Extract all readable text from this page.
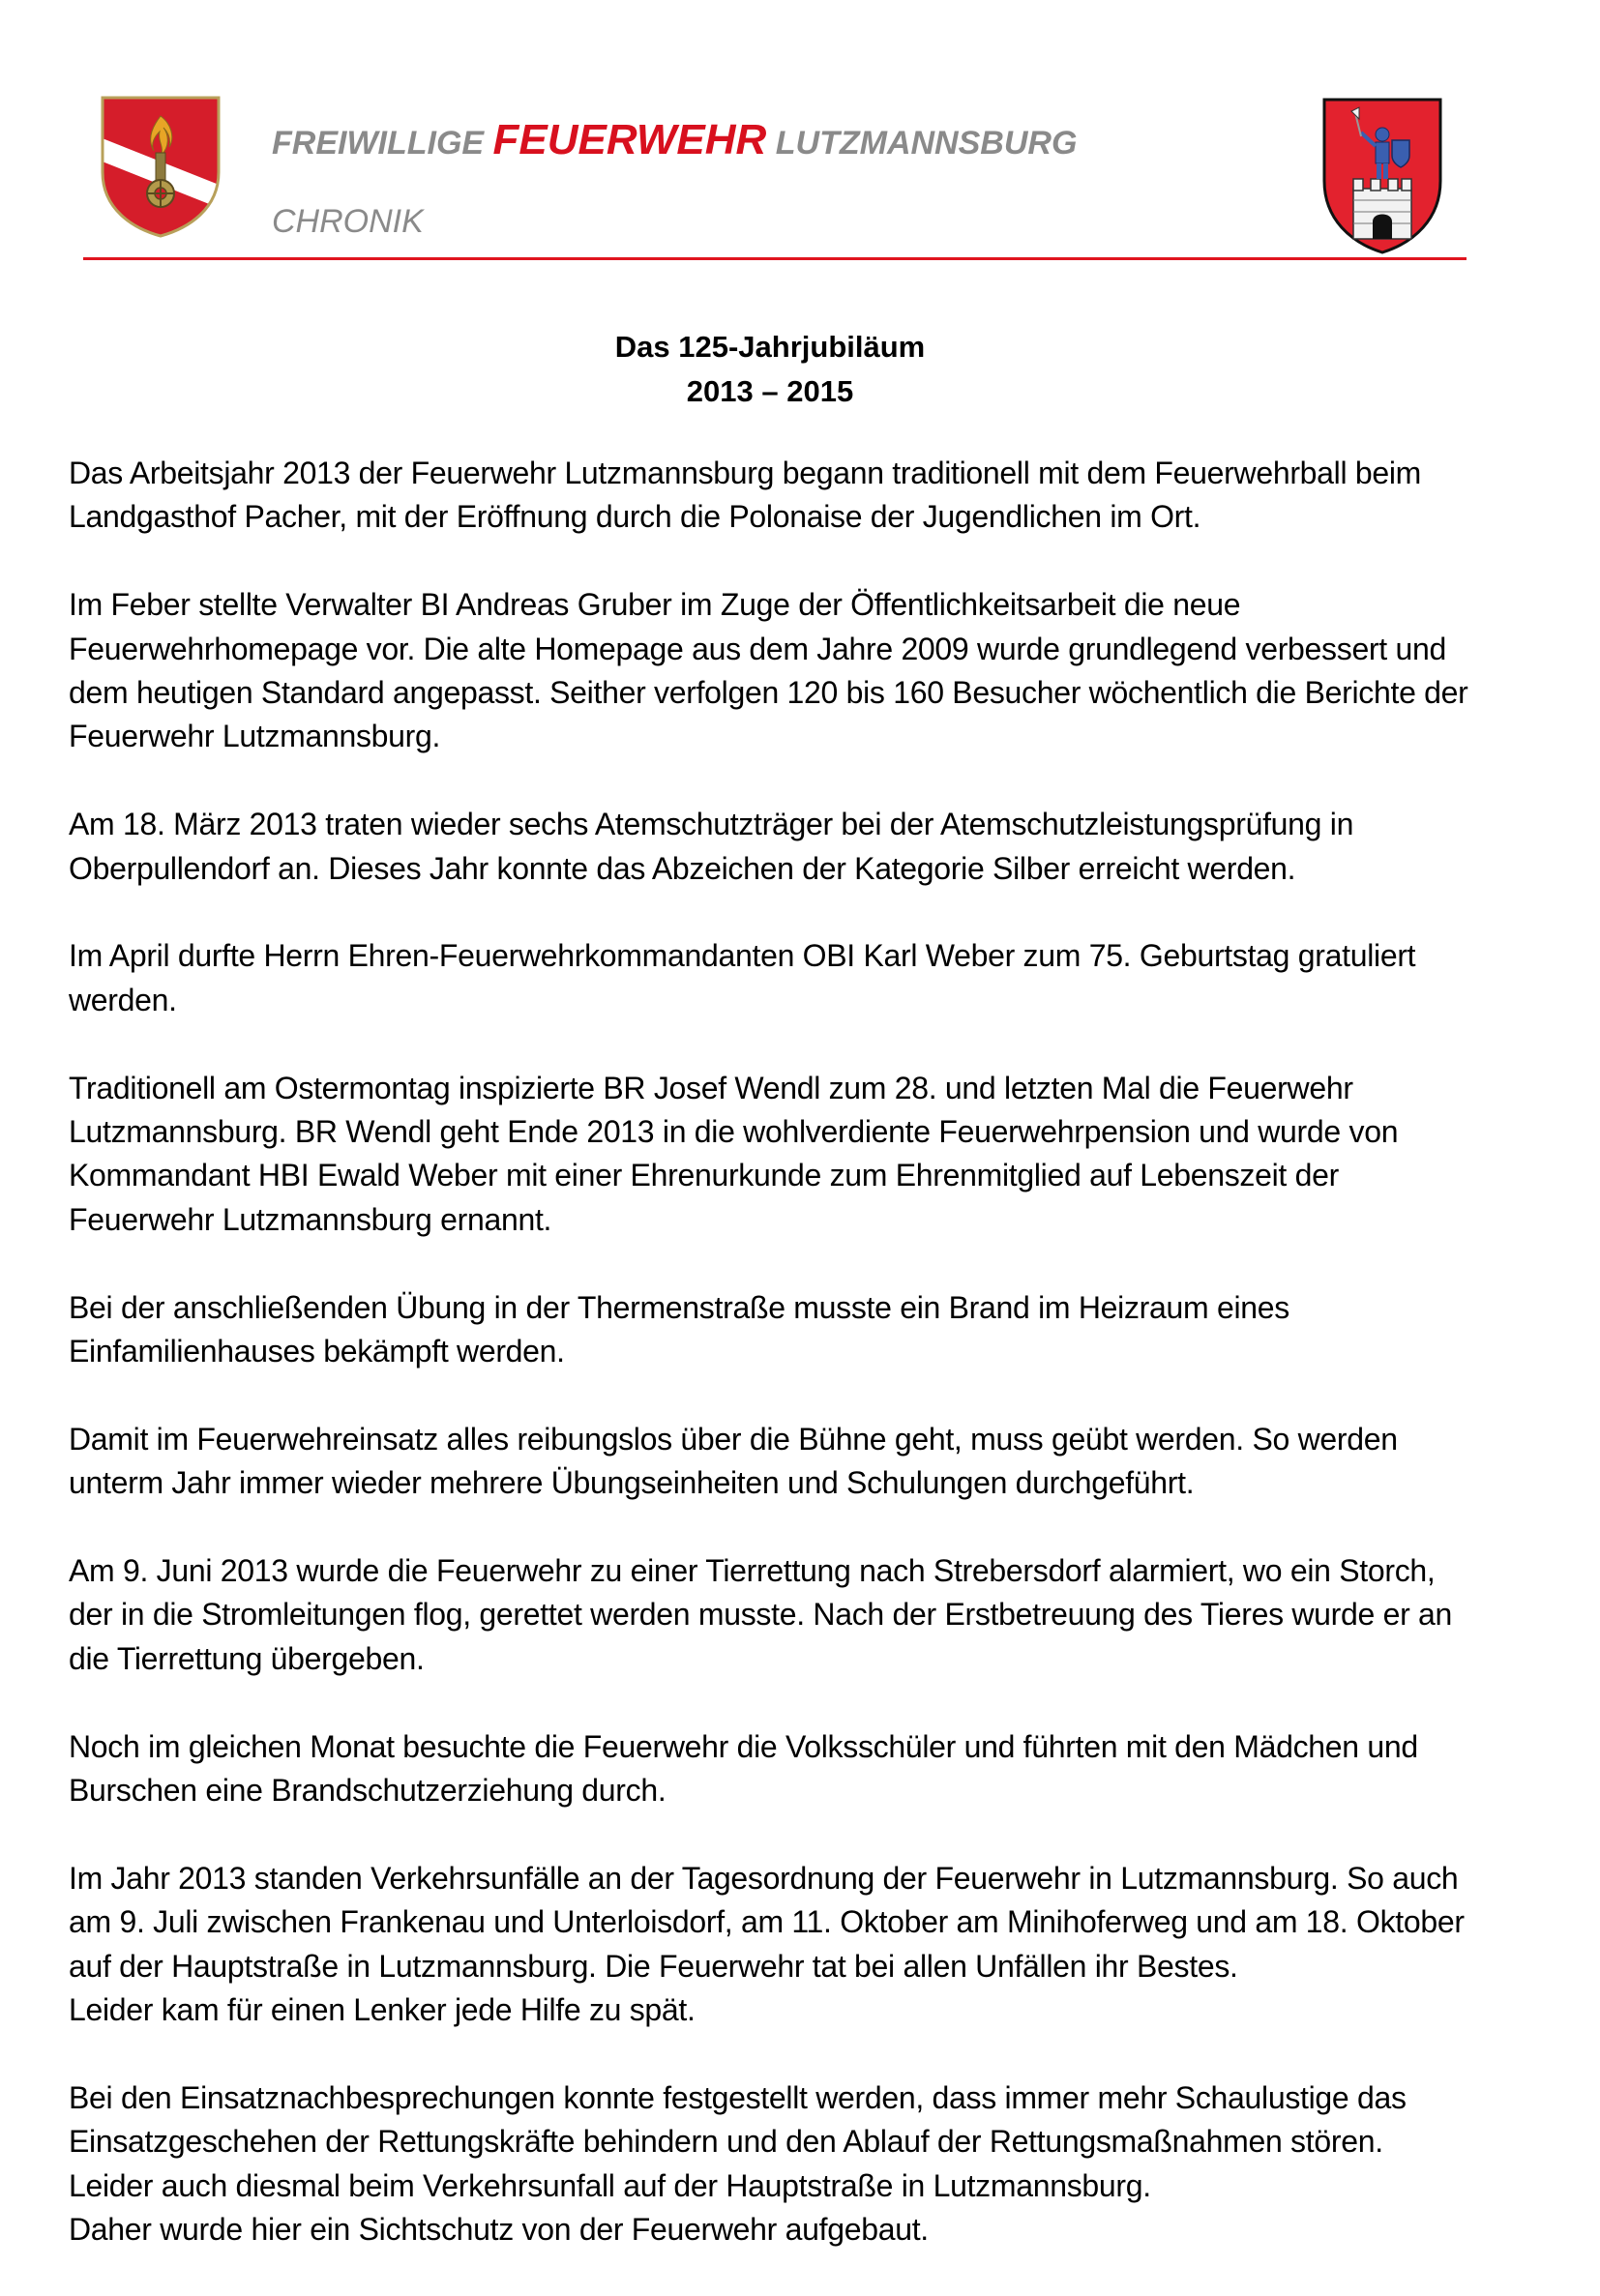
FREIWILLIGE FEUERWEHR LUTZMANNSBURG
CHRONIK
Das 125-Jahrjubiläum
2013 – 2015

Das Arbeitsjahr 2013 der Feuerwehr Lutzmannsburg begann traditionell mit dem Feuerwehrball beim
Landgasthof Pacher, mit der Eröffnung durch die Polonaise der Jugendlichen im Ort.

Im Feber stellte Verwalter BI Andreas Gruber im Zuge der Öffentlichkeitsarbeit die neue
Feuerwehrhomepage vor. Die alte Homepage aus dem Jahre 2009 wurde grundlegend verbessert und
dem heutigen Standard angepasst. Seither verfolgen 120 bis 160 Besucher wöchentlich die Berichte der
Feuerwehr Lutzmannsburg.

Am 18. März 2013 traten wieder sechs Atemschutzträger bei der Atemschutzleistungsprüfung in
Oberpullendorf an. Dieses Jahr konnte das Abzeichen der Kategorie Silber erreicht werden.

Im April durfte Herrn Ehren-Feuerwehrkommandanten OBI Karl Weber zum 75. Geburtstag gratuliert
werden.

Traditionell am Ostermontag inspizierte BR Josef Wendl zum 28. und letzten Mal die Feuerwehr
Lutzmannsburg. BR Wendl geht Ende 2013 in die wohlverdiente Feuerwehrpension und wurde von
Kommandant HBI Ewald Weber mit einer Ehrenurkunde zum Ehrenmitglied auf Lebenszeit der
Feuerwehr Lutzmannsburg ernannt.

Bei der anschließenden Übung in der Thermenstraße musste ein Brand im Heizraum eines
Einfamilienhauses bekämpft werden.

Damit im Feuerwehreinsatz alles reibungslos über die Bühne geht, muss geübt werden. So werden
unterm Jahr immer wieder mehrere Übungseinheiten und Schulungen durchgeführt.

Am 9. Juni 2013 wurde die Feuerwehr zu einer Tierrettung nach Strebersdorf alarmiert, wo ein Storch,
der in die Stromleitungen flog, gerettet werden musste. Nach der Erstbetreuung des Tieres wurde er an
die Tierrettung übergeben.

Noch im gleichen Monat besuchte die Feuerwehr die Volksschüler und führten mit den Mädchen und
Burschen eine Brandschutzerziehung durch.

Im Jahr 2013 standen Verkehrsunfälle an der Tagesordnung der Feuerwehr in Lutzmannsburg. So auch
am 9. Juli zwischen Frankenau und Unterloisdorf, am 11. Oktober am Minihoferweg und am 18. Oktober
auf der Hauptstraße in Lutzmannsburg. Die Feuerwehr tat bei allen Unfällen ihr Bestes.
Leider kam für einen Lenker jede Hilfe zu spät.

Bei den Einsatznachbesprechungen konnte festgestellt werden, dass immer mehr Schaulustige das
Einsatzgeschehen der Rettungskräfte behindern und den Ablauf der Rettungsmaßnahmen stören.
Leider auch diesmal beim Verkehrsunfall auf der Hauptstraße in Lutzmannsburg.
Daher wurde hier ein Sichtschutz von der Feuerwehr aufgebaut.
